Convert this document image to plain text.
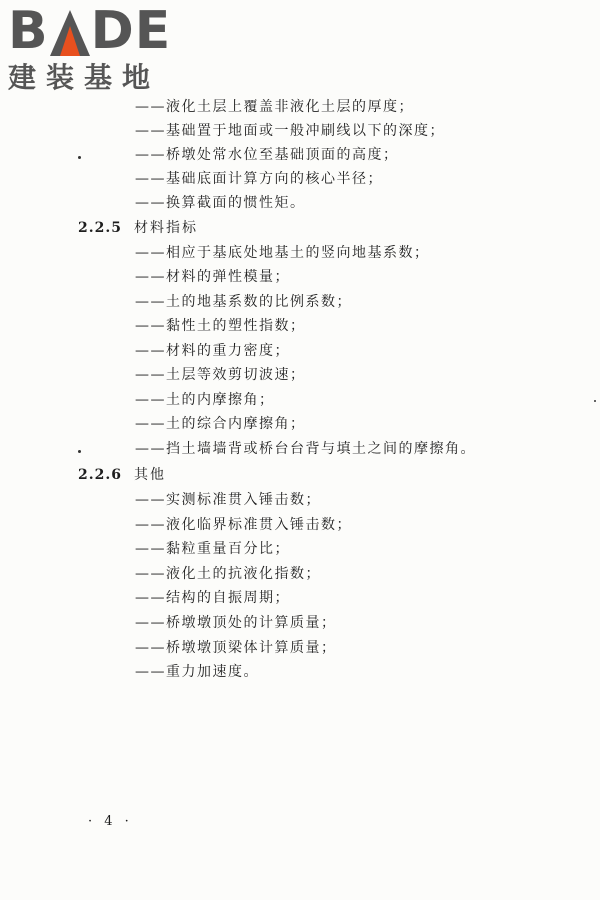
B DE
建装基地
——液化土层上覆盖非液化土层的厚度；
——基础置于地面或一般冲刷线以下的深度；
——桥墩处常水位至基础顶面的高度；
——基础底面计算方向的核心半径；
——换算截面的惯性矩。
2.2.5 材料指标
——相应于基底处地基土的竖向地基系数；
——材料的弹性模量；
——土的地基系数的比例系数；
——黏性土的塑性指数；
——材料的重力密度；
——土层等效剪切波速；
——土的内摩擦角；
——土的综合内摩擦角；
——挡土墙墙背或桥台台背与填土之间的摩擦角。
2.2.6 其他
——实测标准贯入锤击数；
——液化临界标准贯入锤击数；
——黏粒重量百分比；
——液化土的抗液化指数；
——结构的自振周期；
——桥墩墩顶处的计算质量；
——桥墩墩顶梁体计算质量；
——重力加速度。
· 4 ·
